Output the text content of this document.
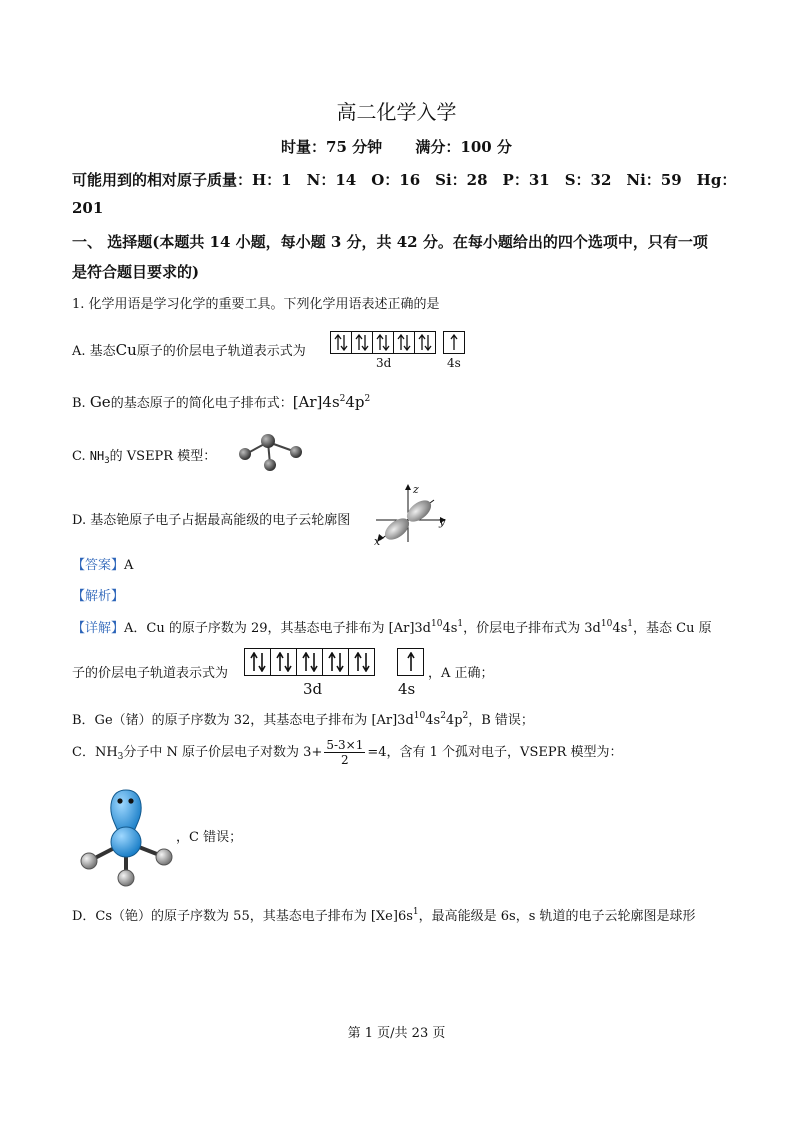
高二化学入学
时量：75 分钟 满分：100 分
可能用到的相对原子质量：H：1　N：14　O：16　Si：28　P：31　S：32　Ni：59　Hg：
201
一、 选择题(本题共 14 小题，每小题 3 分，共 42 分。在每小题给出的四个选项中，只有一项
是符合题目要求的)
1. 化学用语是学习化学的重要工具。下列化学用语表述正确的是
A. 基态Cu原子的价层电子轨道表示式为
3d	4s
B. Ge的基态原子的简化电子排布式：$[Ar]4s^24p^2$
C. $NH_3$的 VSEPR 模型：
D. 基态铯原子电子占据最高能级的电子云轮廓图
z
y
x
【答案】A
【解析】
【详解】A．Cu 的原子序数为 29，其基态电子排布为 $[Ar]3d^{10}4s^1$，价层电子排布式为 $3d^{10}4s^1$，基态 Cu 原
子的价层电子轨道表示式为
3d	4s
，A 正确；
B．Ge（锗）的原子序数为 32，其基态电子排布为 $[Ar]3d^{10}4s^24p^2$，B 错误；
C．$NH_3$分子中 N 原子价层电子对数为 $3+ \frac{5-3\times 1}{2} =4$，含有 1 个孤对电子，VSEPR 模型为：
，C 错误；
D．Cs（铯）的原子序数为 55，其基态电子排布为 $[Xe]6s^1$，最高能级是 6s，s 轨道的电子云轮廓图是球形
第 1 页/共 23 页
